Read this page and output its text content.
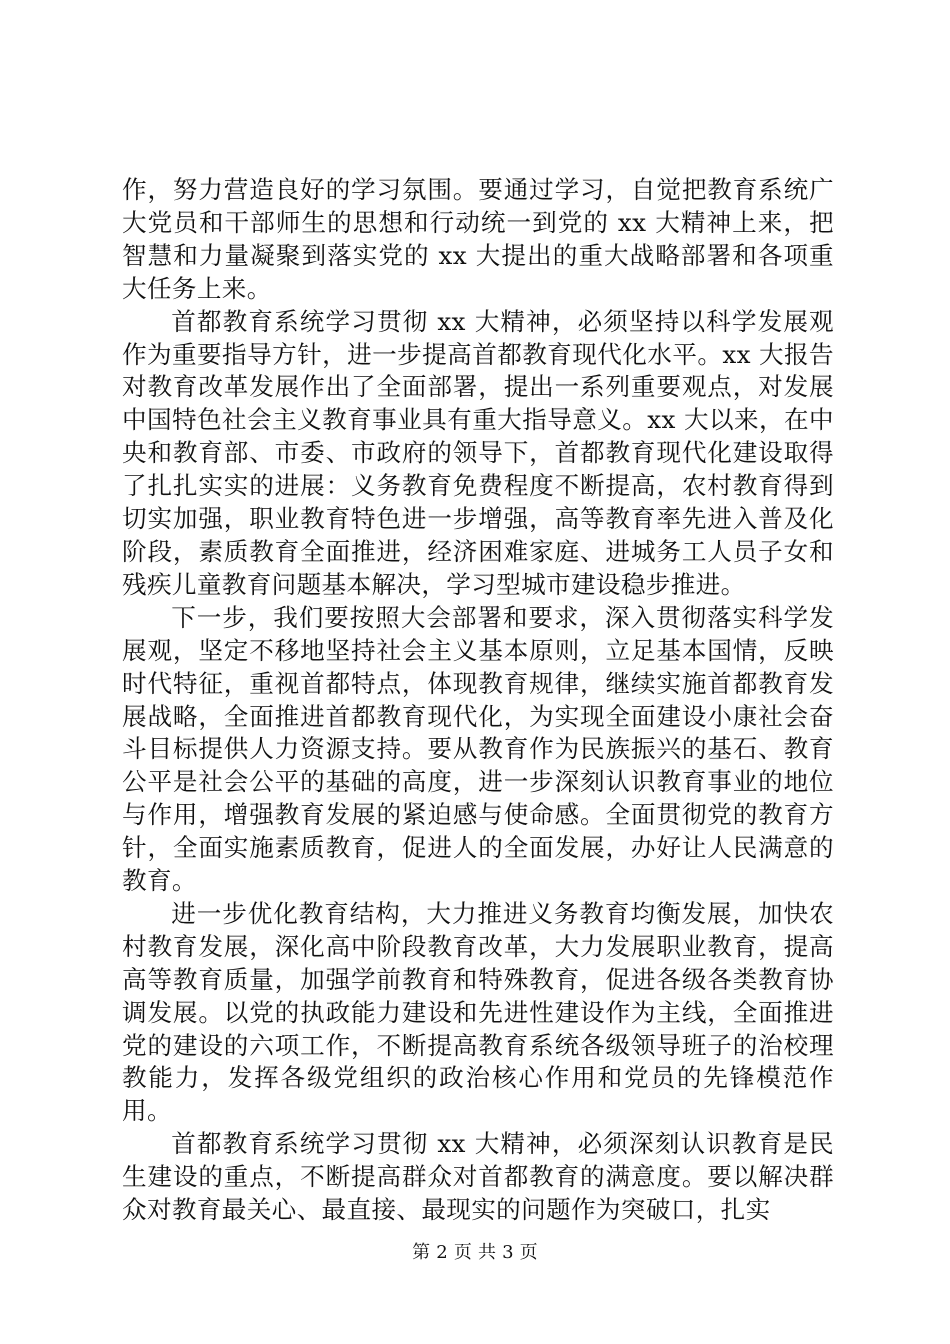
作，努力营造良好的学习氛围。要通过学习，自觉把教育系统广大党员和干部师生的思想和行动统一到党的 xx 大精神上来，把智慧和力量凝聚到落实党的 xx 大提出的重大战略部署和各项重大任务上来。

首都教育系统学习贯彻 xx 大精神，必须坚持以科学发展观作为重要指导方针，进一步提高首都教育现代化水平。xx 大报告对教育改革发展作出了全面部署，提出一系列重要观点，对发展中国特色社会主义教育事业具有重大指导意义。xx 大以来，在中央和教育部、市委、市政府的领导下，首都教育现代化建设取得了扎扎实实的进展：义务教育免费程度不断提高，农村教育得到切实加强，职业教育特色进一步增强，高等教育率先进入普及化阶段，素质教育全面推进，经济困难家庭、进城务工人员子女和残疾儿童教育问题基本解决，学习型城市建设稳步推进。

下一步，我们要按照大会部署和要求，深入贯彻落实科学发展观，坚定不移地坚持社会主义基本原则，立足基本国情，反映时代特征，重视首都特点，体现教育规律，继续实施首都教育发展战略，全面推进首都教育现代化，为实现全面建设小康社会奋斗目标提供人力资源支持。要从教育作为民族振兴的基石、教育公平是社会公平的基础的高度，进一步深刻认识教育事业的地位与作用，增强教育发展的紧迫感与使命感。全面贯彻党的教育方针，全面实施素质教育，促进人的全面发展，办好让人民满意的教育。

进一步优化教育结构，大力推进义务教育均衡发展，加快农村教育发展，深化高中阶段教育改革，大力发展职业教育，提高高等教育质量，加强学前教育和特殊教育，促进各级各类教育协调发展。以党的执政能力建设和先进性建设作为主线，全面推进党的建设的六项工作，不断提高教育系统各级领导班子的治校理教能力，发挥各级党组织的政治核心作用和党员的先锋模范作用。

首都教育系统学习贯彻 xx 大精神，必须深刻认识教育是民生建设的重点，不断提高群众对首都教育的满意度。要以解决群众对教育最关心、最直接、最现实的问题作为突破口，扎实

第 2 页 共 3 页
